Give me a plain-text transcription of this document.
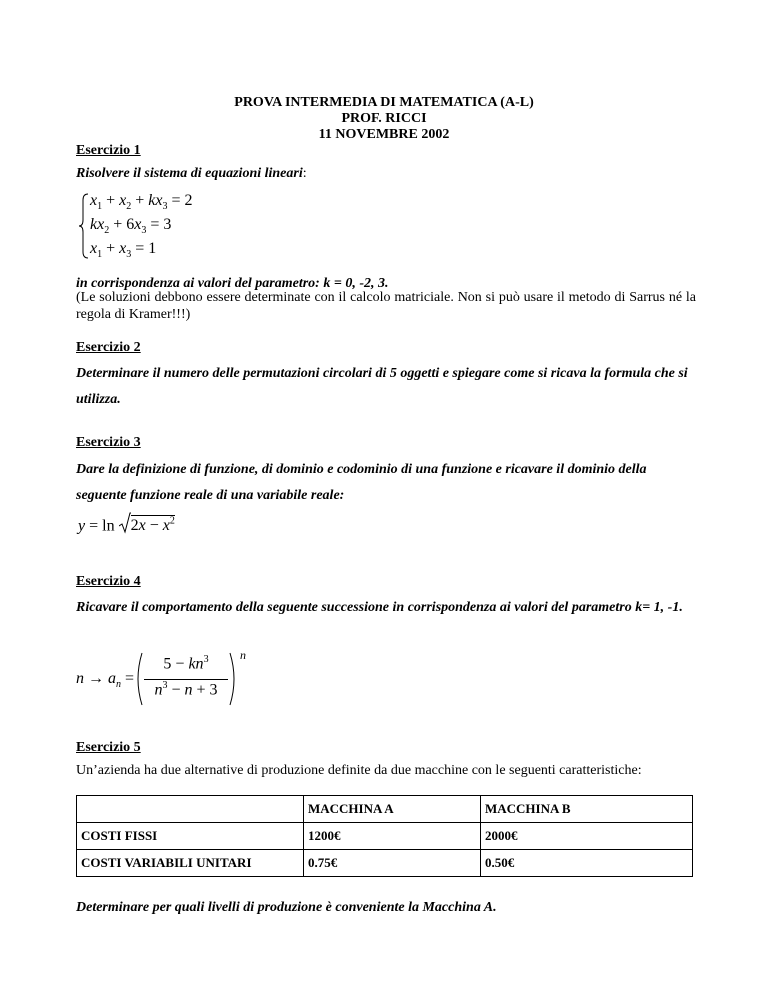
PROVA INTERMEDIA DI MATEMATICA (A-L)
PROF. RICCI
11 NOVEMBRE 2002
Esercizio 1
Risolvere il sistema di equazioni lineari:
$x_1 + x_2 + kx_3 = 2$
$kx_2 + 6x_3 = 3$
$x_1 + x_3 = 1$
in corrispondenza ai valori del parametro: k = 0, -2, 3.
(Le soluzioni debbono essere determinate con il calcolo matriciale. Non si può usare il metodo di Sarrus né la regola di Kramer!!!)
Esercizio 2
Determinare il numero delle permutazioni circolari di 5 oggetti e spiegare come si ricava la formula che si utilizza.
Esercizio 3
Dare la definizione di funzione, di dominio e codominio di una funzione e ricavare il dominio della seguente funzione reale di una variabile reale:
y = ln
$2x - x^2$
Esercizio 4
Ricavare il comportamento della seguente successione in corrispondenza ai valori del parametro k= 1, -1.
$n \to a_n$ =
$5 - kn^3$
$n^3 - n + 3$
n
Esercizio 5
Un’azienda ha due alternative di produzione definite da due macchine con le seguenti caratteristiche:
	MACCHINA A	MACCHINA B
COSTI FISSI	1200€	2000€
COSTI VARIABILI UNITARI	0.75€	0.50€
Determinare per quali livelli di produzione è conveniente la Macchina A.
